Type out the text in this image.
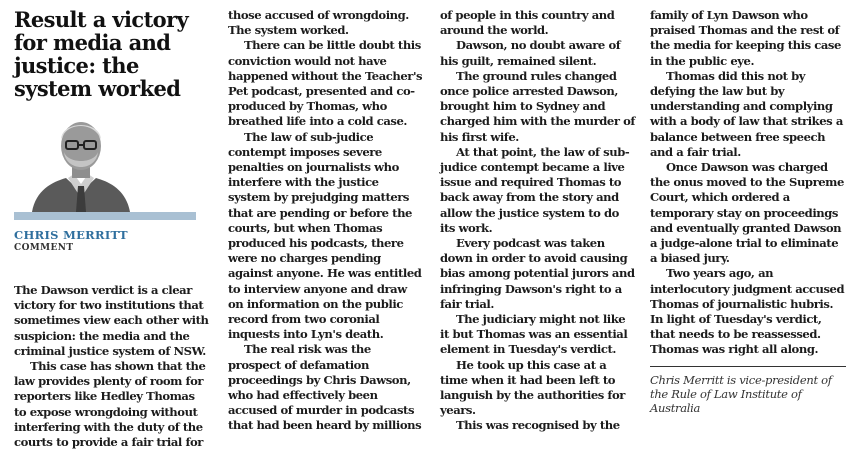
Result a victory for media and justice: the system worked
CHRIS MERRITT
COMMENT

The Dawson verdict is a clear victory for two institutions that sometimes view each other with suspicion: the media and the criminal justice system of NSW.

This case has shown that the law provides plenty of room for reporters like Hedley Thomas to expose wrongdoing without interfering with the duty of the courts to provide a fair trial for

those accused of wrongdoing. The system worked.

There can be little doubt this conviction would not have happened without the Teacher's Pet podcast, presented and co-produced by Thomas, who breathed life into a cold case.

The law of sub-judice contempt imposes severe penalties on journalists who interfere with the justice system by prejudging matters that are pending or before the courts, but when Thomas produced his podcasts, there were no charges pending against anyone. He was entitled to interview anyone and draw on information on the public record from two coronial inquests into Lyn's death.

The real risk was the prospect of defamation proceedings by Chris Dawson, who had effectively been accused of murder in podcasts that had been heard by millions

of people in this country and around the world.

Dawson, no doubt aware of his guilt, remained silent.

The ground rules changed once police arrested Dawson, brought him to Sydney and charged him with the murder of his first wife.

At that point, the law of sub-judice contempt became a live issue and required Thomas to back away from the story and allow the justice system to do its work.

Every podcast was taken down in order to avoid causing bias among potential jurors and infringing Dawson's right to a fair trial.

The judiciary might not like it but Thomas was an essential element in Tuesday's verdict.

He took up this case at a time when it had been left to languish by the authorities for years.

This was recognised by the

family of Lyn Dawson who praised Thomas and the rest of the media for keeping this case in the public eye.

Thomas did this not by defying the law but by understanding and complying with a body of law that strikes a balance between free speech and a fair trial.

Once Dawson was charged the onus moved to the Supreme Court, which ordered a temporary stay on proceedings and eventually granted Dawson a judge-alone trial to eliminate a biased jury.

Two years ago, an interlocutory judgment accused Thomas of journalistic hubris. In light of Tuesday's verdict, that needs to be reassessed. Thomas was right all along.

Chris Merritt is vice-president of the Rule of Law Institute of Australia
